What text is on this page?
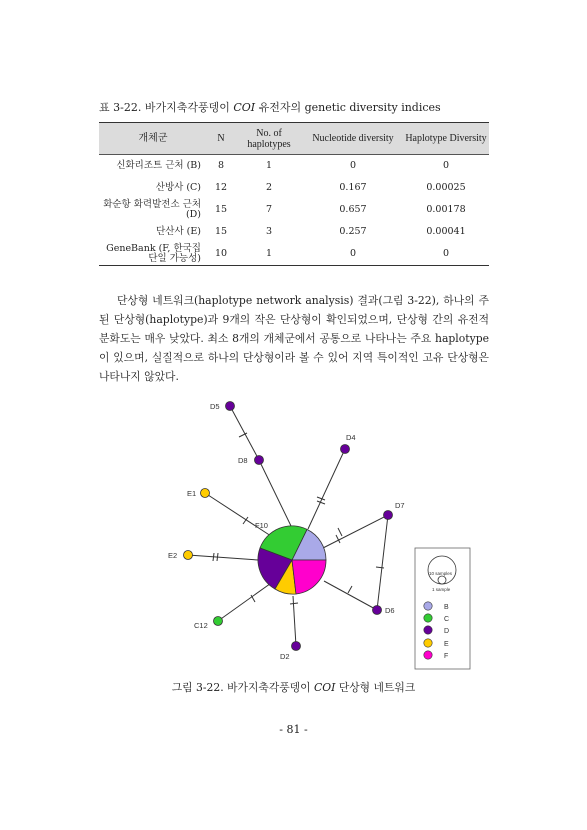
표 3-22. 바가지축각풍뎅이 COI 유전자의 genetic diversity indices
개체군	N	No. of haplotypes	Nucleotide diversity	Haplotype Diversity
신화리조트 근처 (B)	8	1	0	0
산방사 (C)	12	2	0.167	0.00025
화순항 화력발전소 근처 (D)	15	7	0.657	0.00178
단산사 (E)	15	3	0.257	0.00041
GeneBank (F, 한국집단일 가능성)	10	1	0	0

단상형 네트워크(haplotype network analysis) 결과(그림 3-22), 하나의 주된 단상형(haplotype)과 9개의 작은 단상형이 확인되었으며, 단상형 간의 유전적 분화도는 매우 낮았다. 최소 8개의 개체군에서 공통으로 나타나는 주요 haplotype이 있으며, 실질적으로 하나의 단상형이라 볼 수 있어 지역 특이적인 고유 단상형은 나타나지 않았다.

D5
D4
D8
E1
D7
F10
E2
C12
D6
D2
10 samples
1 sample
B
C
D
E
F
그림 3-22. 바가지축각풍뎅이 COI 단상형 네트워크
- 81 -
